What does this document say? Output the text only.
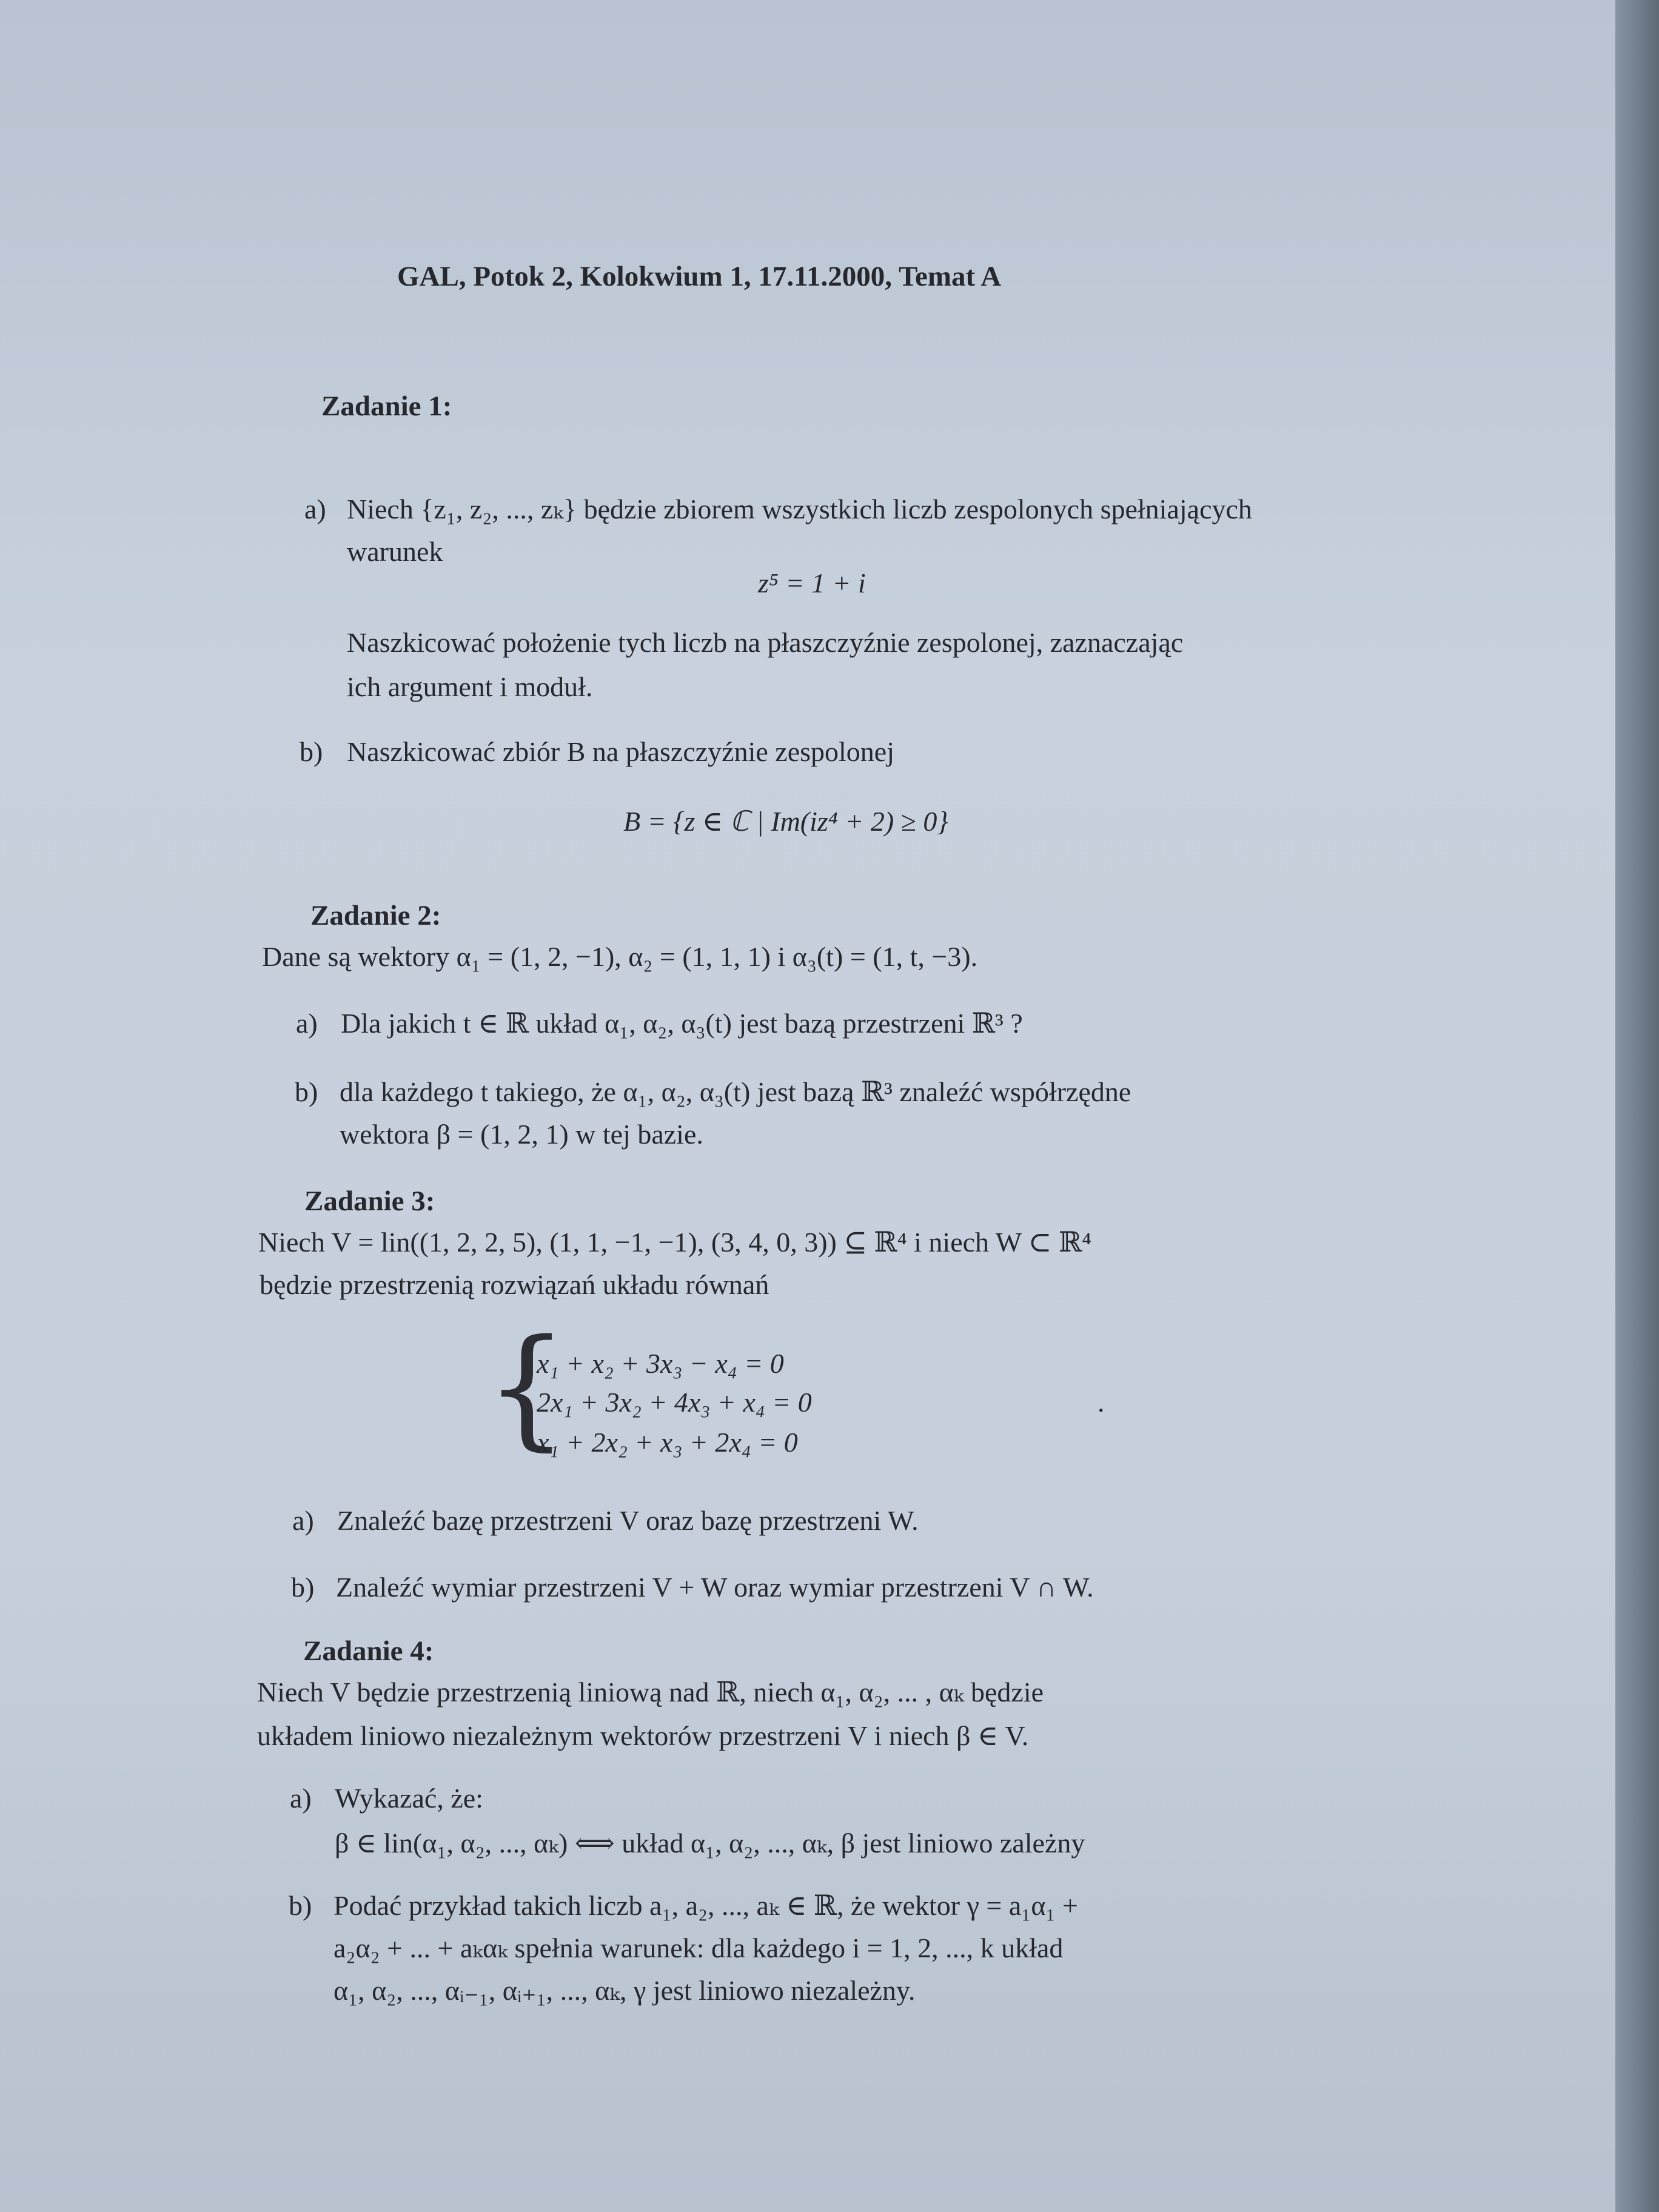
GAL, Potok 2, Kolokwium 1, 17.11.2000, Temat A
Zadanie 1:
a) Niech {z₁, z₂, ..., zₖ} będzie zbiorem wszystkich liczb zespolonych spełniających
warunek
z⁵ = 1 + i
Naszkicować położenie tych liczb na płaszczyźnie zespolonej, zaznaczając
ich argument i moduł.
b) Naszkicować zbiór B na płaszczyźnie zespolonej
B = {z ∈ ℂ | Im(iz⁴ + 2) ≥ 0}
Zadanie 2:
Dane są wektory α₁ = (1, 2, −1), α₂ = (1, 1, 1) i α₃(t) = (1, t, −3).
a) Dla jakich t ∈ ℝ układ α₁, α₂, α₃(t) jest bazą przestrzeni ℝ³ ?
b) dla każdego t takiego, że α₁, α₂, α₃(t) jest bazą ℝ³ znaleźć współrzędne
wektora β = (1, 2, 1) w tej bazie.
Zadanie 3:
Niech V = lin((1, 2, 2, 5), (1, 1, −1, −1), (3, 4, 0, 3)) ⊆ ℝ⁴ i niech W ⊂ ℝ⁴
będzie przestrzenią rozwiązań układu równań
{
x₁ + x₂ + 3x₃ − x₄ = 0
2x₁ + 3x₂ + 4x₃ + x₄ = 0
x₁ + 2x₂ + x₃ + 2x₄ = 0
.
a) Znaleźć bazę przestrzeni V oraz bazę przestrzeni W.
b) Znaleźć wymiar przestrzeni V + W oraz wymiar przestrzeni V ∩ W.
Zadanie 4:
Niech V będzie przestrzenią liniową nad ℝ, niech α₁, α₂, ... , αₖ będzie
układem liniowo niezależnym wektorów przestrzeni V i niech β ∈ V.
a) Wykazać, że:
β ∈ lin(α₁, α₂, ..., αₖ) ⟺ układ α₁, α₂, ..., αₖ, β jest liniowo zależny
b) Podać przykład takich liczb a₁, a₂, ..., aₖ ∈ ℝ, że wektor γ = a₁α₁ +
a₂α₂ + ... + aₖαₖ spełnia warunek: dla każdego i = 1, 2, ..., k układ
α₁, α₂, ..., αᵢ₋₁, αᵢ₊₁, ..., αₖ, γ jest liniowo niezależny.
